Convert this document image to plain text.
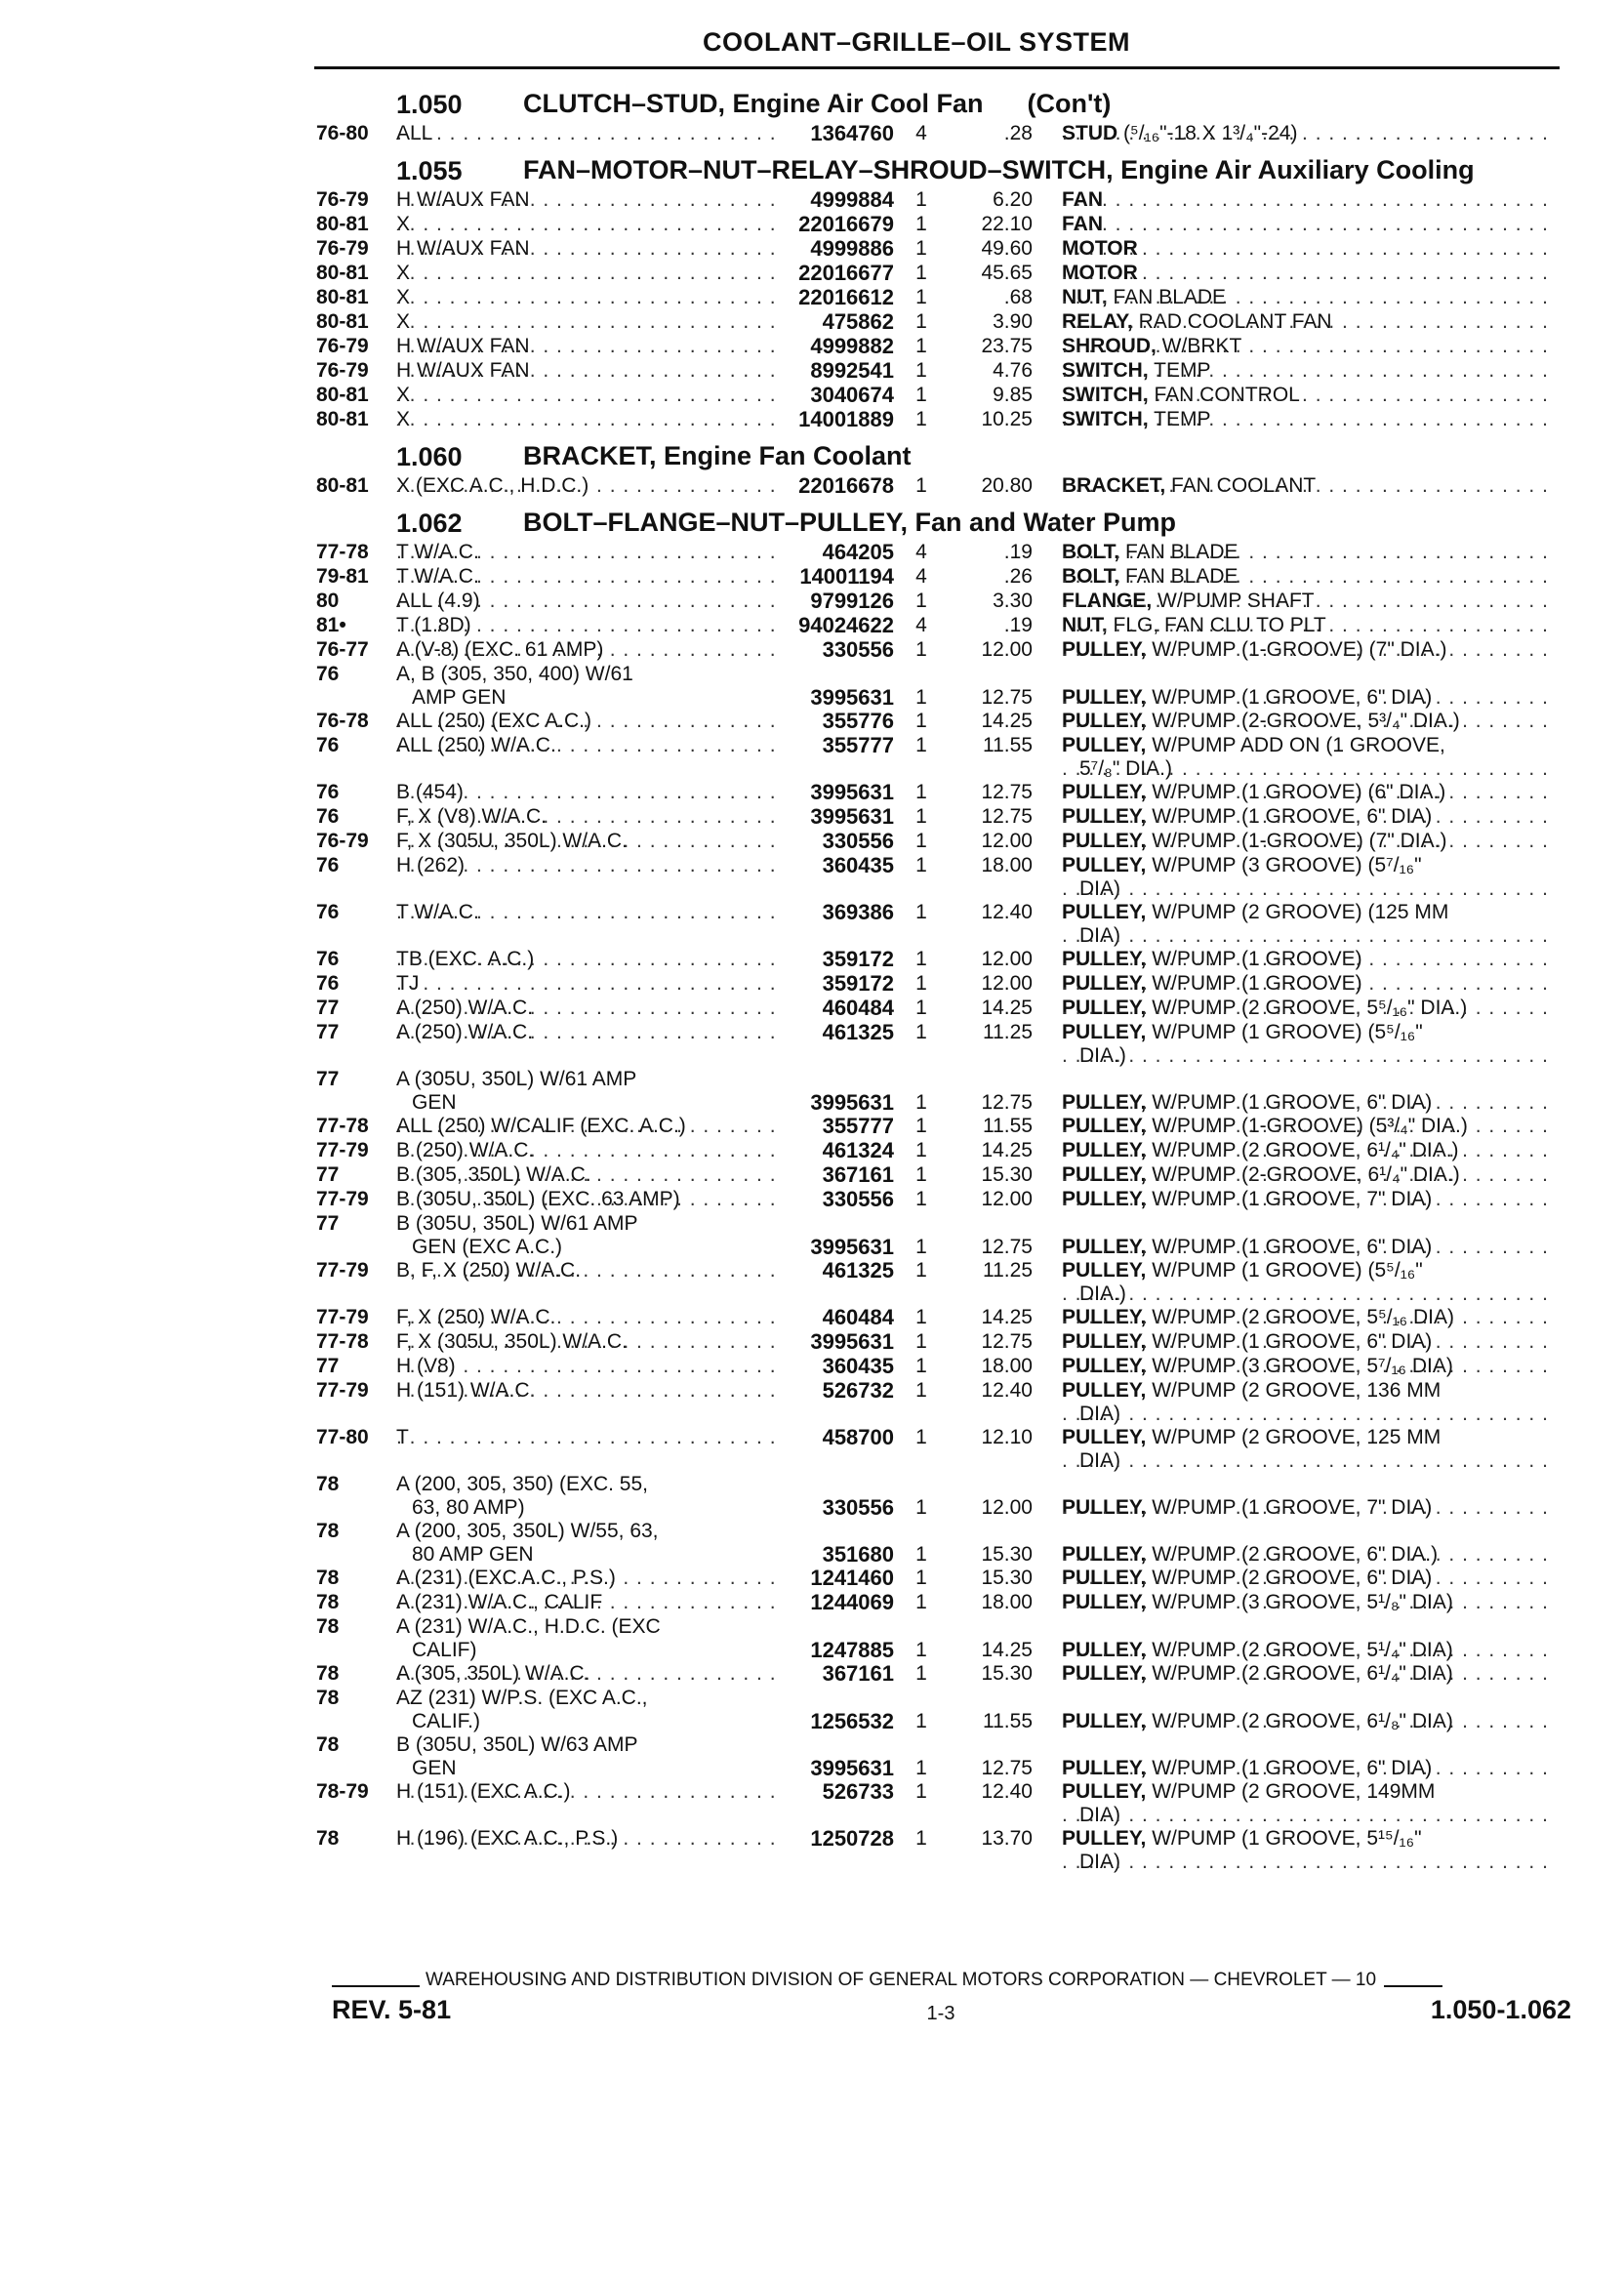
COOLANT–GRILLE–OIL SYSTEM
1.050	CLUTCH–STUD, Engine Air Cool Fan      (Con't)
76-80	ALL . . .	1364760	4	.28	STUD (⁵/₁₆"-18 X 1³/₄"-24) . . .
1.055	FAN–MOTOR–NUT–RELAY–SHROUD–SWITCH, Engine Air Auxiliary Cooling
76-79	H W/AUX FAN . . .	4999884	1	6.20	FAN . . .
80-81	X . . .	22016679	1	22.10	FAN . . .
76-79	H W/AUX FAN . . .	4999886	1	49.60	MOTOR . . .
80-81	X . . .	22016677	1	45.65	MOTOR . . .
80-81	X . . .	22016612	1	.68	NUT, FAN BLADE . . .
80-81	X . . .	475862	1	3.90	RELAY, RAD COOLANT FAN . . .
76-79	H W/AUX FAN . . .	4999882	1	23.75	SHROUD, W/BRKT . . .
76-79	H W/AUX FAN . . .	8992541	1	4.76	SWITCH, TEMP . . .
80-81	X . . .	3040674	1	9.85	SWITCH, FAN CONTROL . . .
80-81	X . . .	14001889	1	10.25	SWITCH, TEMP . . .
1.060	BRACKET, Engine Fan Coolant
80-81	X (EXC A.C., H.D.C.) . . .	22016678	1	20.80	BRACKET, FAN COOLANT . . .
1.062	BOLT–FLANGE–NUT–PULLEY, Fan and Water Pump
77-78	T W/A.C. . . .	464205	4	.19	BOLT, FAN BLADE . . .
79-81	T W/A.C. . . .	14001194	4	.26	BOLT, FAN BLADE . . .
80	ALL (4.9) . . .	9799126	1	3.30	FLANGE, W/PUMP SHAFT . . .
81•	T (1.8D) . . .	94024622	4	.19	NUT, FLG, FAN CLU TO PLT . . .
76-77	A (V-8) (EXC. 61 AMP) . . .	330556	1	12.00	PULLEY, W/PUMP (1-GROOVE) (7" DIA.) . . .
76	A, B (305, 350, 400) W/61
AMP GEN	3995631	1	12.75	PULLEY, W/PUMP (1 GROOVE, 6" DIA) . . .
76-78	ALL (250) (EXC A.C.) . . .	355776	1	14.25	PULLEY, W/PUMP (2-GROOVE, 5³/₄" DIA.) . . .
76	ALL (250) W/A.C. . . .	355777	1	11.55 PULLEY, W/PUMP ADD ON (1 GROOVE,
5⁷/₈" DIA.)
. . .
76	B (454) . . .	3995631	1	12.75	PULLEY, W/PUMP (1 GROOVE) (6" DIA.) . . .
76	F, X (V8) W/A.C. . . .	3995631	1	12.75	PULLEY, W/PUMP (1 GROOVE, 6" DIA) . . .
76-79	F, X (305U, 350L) W/A.C. . . .	330556	1	12.00	PULLEY, W/PUMP (1-GROOVE) (7" DIA.) . . .
76	H (262) . . .	360435	1	18.00 PULLEY, W/PUMP (3 GROOVE) (5⁷/₁₆"
DIA)
. . .
76	T W/A.C. . . .	369386	1	12.40 PULLEY, W/PUMP (2 GROOVE) (125 MM
DIA)
. . .
76	TB (EXC. A.C.) . . .	359172	1	12.00	PULLEY, W/PUMP (1 GROOVE) . . .
76	TJ . . .	359172	1	12.00	PULLEY, W/PUMP (1 GROOVE) . . .
77	A (250) W/A.C. . . .	460484	1	14.25	PULLEY, W/PUMP (2 GROOVE, 5⁵/₁₆" DIA.) . . .
77	A (250) W/A.C. . . .	461325	1	11.25 PULLEY, W/PUMP (1 GROOVE) (5⁵/₁₆"
DIA.)
. . .
77	A (305U, 350L) W/61 AMP
GEN	3995631	1	12.75	PULLEY, W/PUMP (1 GROOVE, 6" DIA) . . .
77-78	ALL (250) W/CALIF (EXC. A.C.) . . .	355777	1	11.55	PULLEY, W/PUMP (1-GROOVE) (5³/₄" DIA.) . . .
77-79	B (250) W/A.C. . . .	461324	1	14.25	PULLEY, W/PUMP (2 GROOVE, 6¹/₄" DIA.) . . .
77	B (305, 350L) W/A.C. . . .	367161	1	15.30	PULLEY, W/PUMP (2-GROOVE, 6¹/₄" DIA.) . . .
77-79	B (305U, 350L) (EXC. 63 AMP) . . .	330556	1	12.00	PULLEY, W/PUMP (1 GROOVE, 7" DIA) . . .
77	B (305U, 350L) W/61 AMP
GEN (EXC A.C.)	3995631	1	12.75	PULLEY, W/PUMP (1 GROOVE, 6" DIA) . . .
77-79	B, F, X (250) W/A.C. . . .	461325	1	11.25 PULLEY, W/PUMP (1 GROOVE) (5⁵/₁₆"
DIA.)
. . .
77-79	F, X (250) W/A.C. . . .	460484	1	14.25	PULLEY, W/PUMP (2 GROOVE, 5⁵/₁₆ DIA) . . .
77-78	F, X (305U, 350L) W/A.C. . . .	3995631	1	12.75	PULLEY, W/PUMP (1 GROOVE, 6" DIA) . . .
77	H (V8) . . .	360435	1	18.00	PULLEY, W/PUMP (3 GROOVE, 5⁷/₁₆ DIA) . . .
77-79	H (151) W/A.C. . . .	526732	1	12.40 PULLEY, W/PUMP (2 GROOVE, 136 MM
DIA)
. . .
77-80	T . . .	458700	1	12.10 PULLEY, W/PUMP (2 GROOVE, 125 MM
DIA)
. . .
78	A (200, 305, 350) (EXC. 55,
63, 80 AMP)	330556	1	12.00	PULLEY, W/PUMP (1 GROOVE, 7" DIA) . . .
78	A (200, 305, 350L) W/55, 63,
80 AMP GEN	351680	1	15.30	PULLEY, W/PUMP (2 GROOVE, 6" DIA.) . . .
78	A (231) (EXC A.C., P.S.) . . .	1241460	1	15.30	PULLEY, W/PUMP (2 GROOVE, 6" DIA) . . .
78	A (231) W/A.C., CALIF . . .	1244069	1	18.00	PULLEY, W/PUMP (3 GROOVE, 5¹/₈" DIA) . . .
78	A (231) W/A.C., H.D.C. (EXC
CALIF)	1247885	1	14.25	PULLEY, W/PUMP (2 GROOVE, 5¹/₄" DIA) . . .
78	A (305, 350L) W/A.C. . . .	367161	1	15.30	PULLEY, W/PUMP (2 GROOVE, 6¹/₄" DIA) . . .
78	AZ (231) W/P.S. (EXC A.C.,
CALIF.)	1256532	1	11.55	PULLEY, W/PUMP (2 GROOVE, 6¹/₈" DIA) . . .
78	B (305U, 350L) W/63 AMP
GEN	3995631	1	12.75	PULLEY, W/PUMP (1 GROOVE, 6" DIA) . . .
78-79	H (151) (EXC A.C.) . . .	526733	1	12.40 PULLEY, W/PUMP (2 GROOVE, 149MM
DIA)
. . .
78	H (196) (EXC A.C., P.S.) . . .	1250728	1	13.70 PULLEY, W/PUMP (1 GROOVE, 5¹⁵/₁₆"
DIA)
. . .
WAREHOUSING AND DISTRIBUTION DIVISION OF GENERAL MOTORS CORPORATION — CHEVROLET — 10
REV. 5-81	1-3	1.050-1.062
